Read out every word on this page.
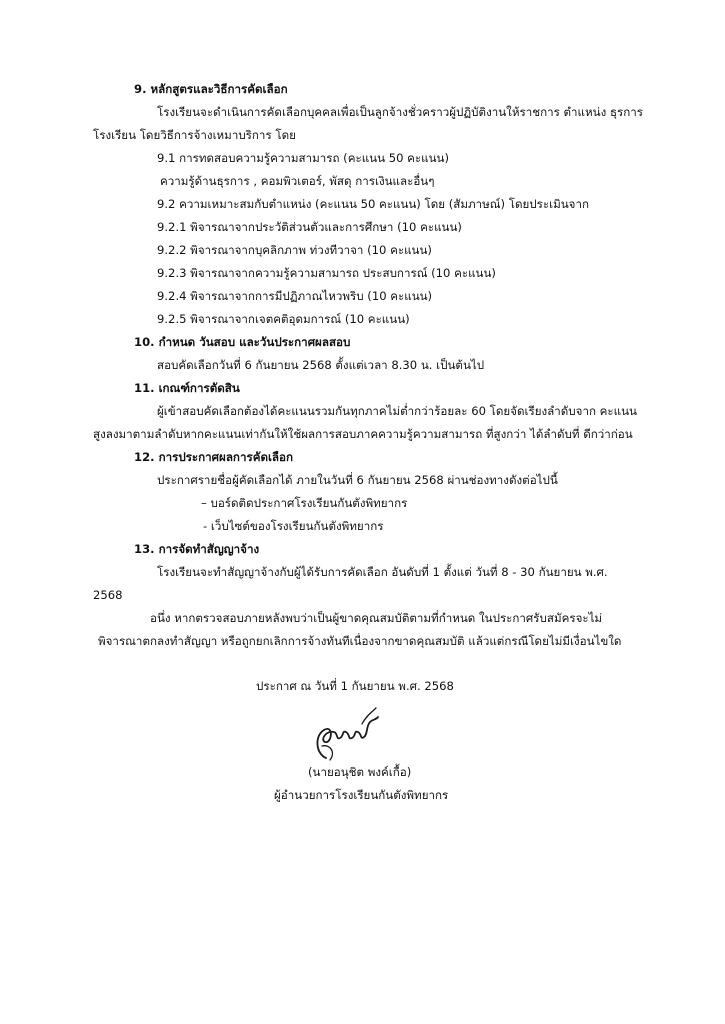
9. หลักสูตรและวิธีการคัดเลือก
โรงเรียนจะดำเนินการคัดเลือกบุคคลเพื่อเป็นลูกจ้างชั่วคราวผู้ปฏิบัติงานให้ราชการ ตำแหน่ง ธุรการ
โรงเรียน โดยวิธีการจ้างเหมาบริการ โดย
9.1 การทดสอบความรู้ความสามารถ (คะแนน 50 คะแนน)
ความรู้ด้านธุรการ , คอมพิวเตอร์, พัสดุ การเงินและอื่นๆ
9.2 ความเหมาะสมกับตำแหน่ง (คะแนน 50 คะแนน) โดย (สัมภาษณ์) โดยประเมินจาก
9.2.1 พิจารณาจากประวัติส่วนตัวและการศึกษา (10 คะแนน)
9.2.2 พิจารณาจากบุคลิกภาพ ท่วงทีวาจา (10 คะแนน)
9.2.3 พิจารณาจากความรู้ความสามารถ ประสบการณ์ (10 คะแนน)
9.2.4 พิจารณาจากการมีปฏิภาณไหวพริบ (10 คะแนน)
9.2.5 พิจารณาจากเจตคติอุดมการณ์ (10 คะแนน)
10. กำหนด วันสอบ และวันประกาศผลสอบ
สอบคัดเลือกวันที่ 6 กันยายน 2568 ตั้งแต่เวลา 8.30 น. เป็นต้นไป
11. เกณฑ์การตัดสิน
ผู้เข้าสอบคัดเลือกต้องได้คะแนนรวมกันทุกภาคไม่ต่ำกว่าร้อยละ 60 โดยจัดเรียงลำดับจาก คะแนน
สูงลงมาตามลำดับหากคะแนนเท่ากันให้ใช้ผลการสอบภาคความรู้ความสามารถ ที่สูงกว่า ได้ลำดับที่ ดีกว่าก่อน
12. การประกาศผลการคัดเลือก
ประกาศรายชื่อผู้คัดเลือกได้ ภายในวันที่ 6 กันยายน 2568 ผ่านช่องทางดังต่อไปนี้
– บอร์ดติดประกาศโรงเรียนกันตังพิทยากร
- เว็บไซต์ของโรงเรียนกันตังพิทยากร
13. การจัดทำสัญญาจ้าง
โรงเรียนจะทำสัญญาจ้างกับผู้ได้รับการคัดเลือก อันดับที่ 1 ตั้งแต่ วันที่ 8 - 30 กันยายน พ.ศ.
2568
อนึ่ง หากตรวจสอบภายหลังพบว่าเป็นผู้ขาดคุณสมบัติตามที่กำหนด ในประกาศรับสมัครจะไม่
พิจารณาตกลงทำสัญญา หรือถูกยกเลิกการจ้างทันทีเนื่องจากขาดคุณสมบัติ แล้วแต่กรณีโดยไม่มีเงื่อนไขใด
ประกาศ ณ วันที่ 1 กันยายน พ.ศ. 2568
(นายอนุชิต พงค์เกื้อ)
ผู้อำนวยการโรงเรียนกันตังพิทยากร
